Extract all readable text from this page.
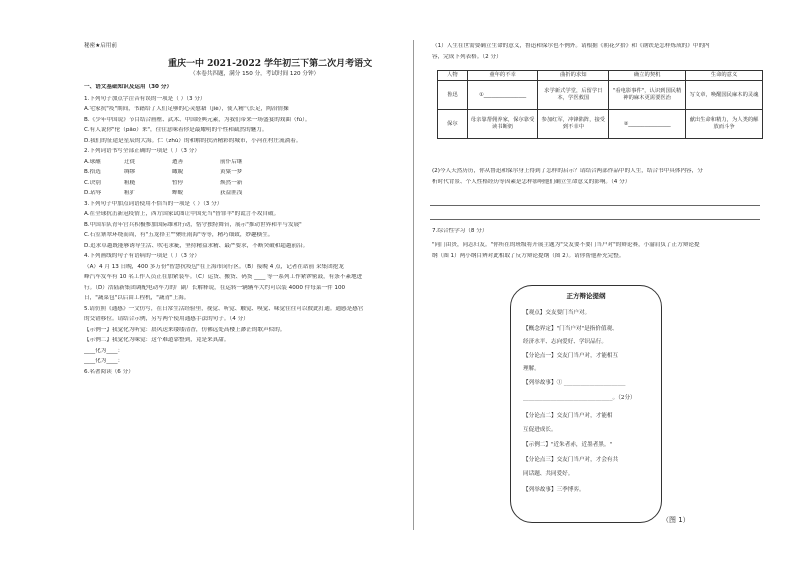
秘密★启用前
重庆一中 2021-2022 学年初三下第二次月考语文
（本卷共四题，满分 150 分，考试时间 120 分钟）
一、语文基础知识及运用（30 分）
1.下列句子加点字注音有误的一项是（ ）（3 分）
A.宅家抗"疫"期间，书籍给了人们足够的心灵慰藉（jiè），使人精气长足，陶冶情操
B.《少年中国说》节目结合画框、武术、中国经典元素，为我们带来一场盛宴的戏曲（fú）。
C.有人说你"伦（pǎo）来"，往往意味着你是最耀明的个性和截然的魅力。
D.我们的征途是星辰的大海。伫（zhù）的和解的扶济精彩的城市，小河在村庄流淌着。
2.下列词语书写全部正确的一项是（ ）（3 分）
A.球蘸	迁徙	遒善	前仆后继
B.拾选	绸缪	瞰睨	黄粱一梦
C.诀别	粗糙	暂停	焕然一新
D.玷辱	粗犷	蝉蜕	获益匪浅
3.下列句子中加点词语使用不恰当的一项是（ ）（3 分）
A.在全球抗击新冠疫情上，西方国家试图让中国充当"替罪羊"的谎言不攻自破。
B.中国军队青年官兵积极参加国际维和行动，恪守独特舞台，展示"推动世界和平与发展"
C.石室寨翠环绕而周，有"五龙择主""聚旺雨海"等等，精巧细致，妙趣横生。
D.追求卓越既能够诱导生活、吹毛求疵，坚持精益求精、最严要求，不断突破和超越前沿。
4.下列画线的句子有语病的一项是（ ）（3 分）
（A）4 月 13 日晚，400 多万份"智慧抗疫包"在上海市闵行区。（B）接晚 4 点，记者在站前 采集团抢龙
峰汽车发车有 10 名工作人员正在加紧装车。（C）运货、搬货、码货 ____ 等一系列工作紧锣密鼓，有条不紊地进
行。（D）浩陆新集团调配电动车力的厂副厂长解释说，在运转一辆辆车大约可以装 4000 件每菜一件 100
日，"蔬菜包"以后由工程机，"蔬青"上海。
5.请仿照《通感》一文仿写，在日常生活经验里，视觉、听觉、触觉、嗅觉、味觉往往可以彼此打通。通感是感官
的交错移位。请结合示例，另写两个使用通感手法的句子。（4 分）
【示例一】我觉化为听觉：晨风送来缕缕清香，仿佛远处高楼上渺茫的歌声似的。
【示例二】我觉化为味觉：这个难道靠整到，竟是来真甜。
____化为____：
____化为____：
6.名著阅读（6 分）
（1）人生在世需要确立生命的意义，鲁迅和保尔也不例外。请根据《朝花夕拾》和《钢铁是怎样炼成的》中的内
容，完成下列表格。（2 分）
人物	童年的不幸	曲折的求知	确立的契机	生命的意义
鲁迅	①________________	求学新式学堂，后留学日本，学医救国	"看电影事件"，认识到国民精神的麻木更需要医治	写文章，唤醒国民麻木的灵魂
保尔	母亲靠帮佣养家，保尔靠受读书断奶	参加红军，冲锋陷阵，接受到不幸中	②________________	献出生命和精力，为人类的解放而斗争
(2)今人天然历历，你从鲁迅和保尔身上得到了怎样的启示？请结合两部作品中的人生，结合书中具体内容，分
析时代背景、个人性格经历等因素是怎样影响他们确立生命意义的影响。（4 分）
7.综合性学习（8 分）
"同门由贵，同志归友。"你所在的班级将开展主题为"交友要不要门当户对"的辩论赛，小渝肩负了正方辩论提
纲（图 1）两小纲目辨对此相取了反方辩论提纲（图 2）。请你帮他补充完整。
正方辩论提纲
【观点】交友要门当户对。
【概念界定】"门当户对"是指价值观、
经济水平、志向爱好、学识品行。
【分论点一】交友门当户对，才能相互
理解。
【列举故事】① ______________________
________________________________。（2分）
【分论点二】交友门当户对，才能相
互促进成长。
【示例二】"近朱者赤，近墨者黑。"
【分论点三】交友门当户对，才会有共
同话题、共同爱好。
【列举故事】三季博弈。
（图 1）
